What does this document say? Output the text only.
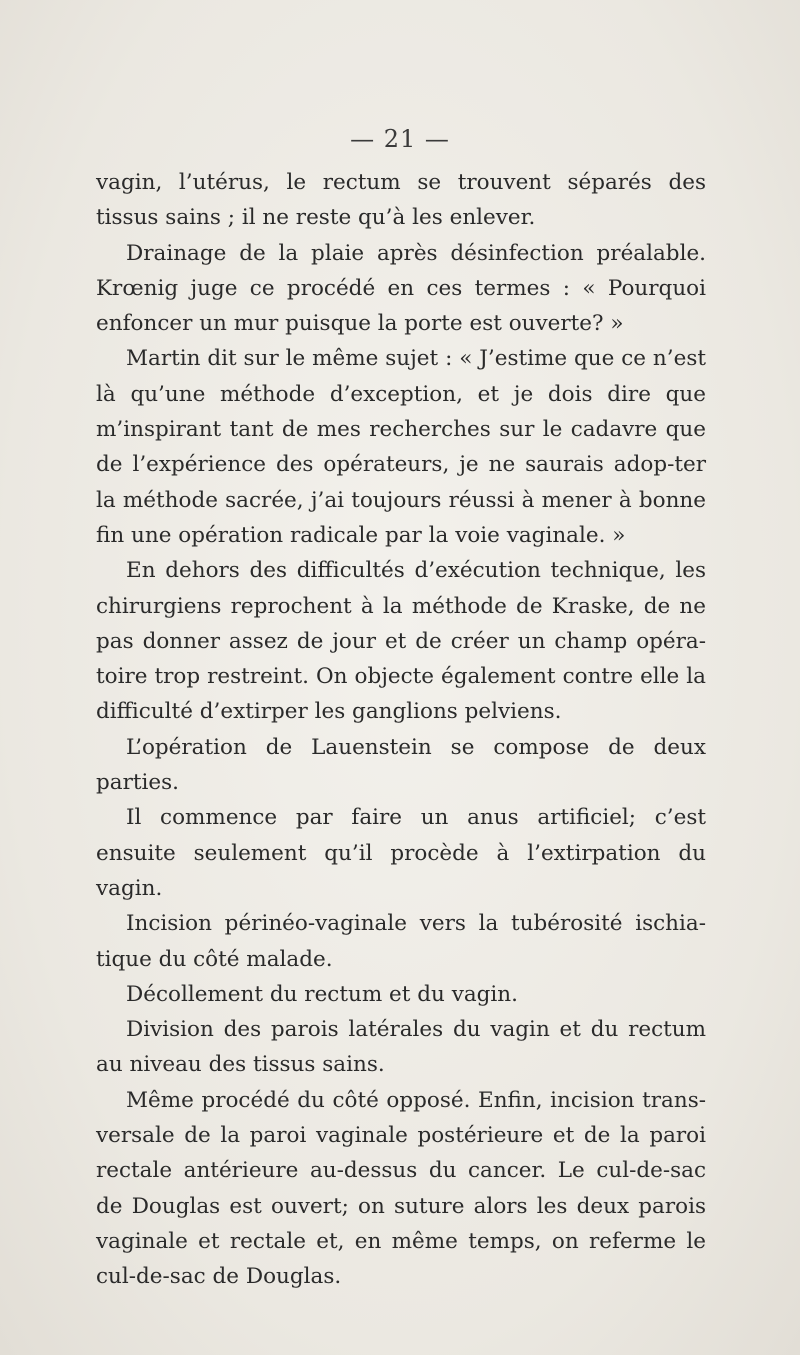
— 21 —

vagin, l’utérus, le rectum se trouvent séparés des tissus sains ; il ne reste qu’à les enlever.

Drainage de la plaie après désinfection préalable. Krœnig juge ce procédé en ces termes : « Pourquoi enfoncer un mur puisque la porte est ouverte? »

Martin dit sur le même sujet : « J’estime que ce n’est là qu’une méthode d’exception, et je dois dire que m’inspirant tant de mes recherches sur le cadavre que de l’expérience des opérateurs, je ne saurais adop-ter la méthode sacrée, j’ai toujours réussi à mener à bonne fin une opération radicale par la voie vaginale. »

En dehors des difficultés d’exécution technique, les chirurgiens reprochent à la méthode de Kraske, de ne pas donner assez de jour et de créer un champ opéra-toire trop restreint. On objecte également contre elle la difficulté d’extirper les ganglions pelviens.

L’opération de Lauenstein se compose de deux parties.

Il commence par faire un anus artificiel; c’est ensuite seulement qu’il procède à l’extirpation du vagin.

Incision périnéo-vaginale vers la tubérosité ischia-tique du côté malade.

Décollement du rectum et du vagin.

Division des parois latérales du vagin et du rectum au niveau des tissus sains.

Même procédé du côté opposé. Enfin, incision trans-versale de la paroi vaginale postérieure et de la paroi rectale antérieure au-dessus du cancer. Le cul-de-sac de Douglas est ouvert; on suture alors les deux parois vaginale et rectale et, en même temps, on referme le cul-de-sac de Douglas.
